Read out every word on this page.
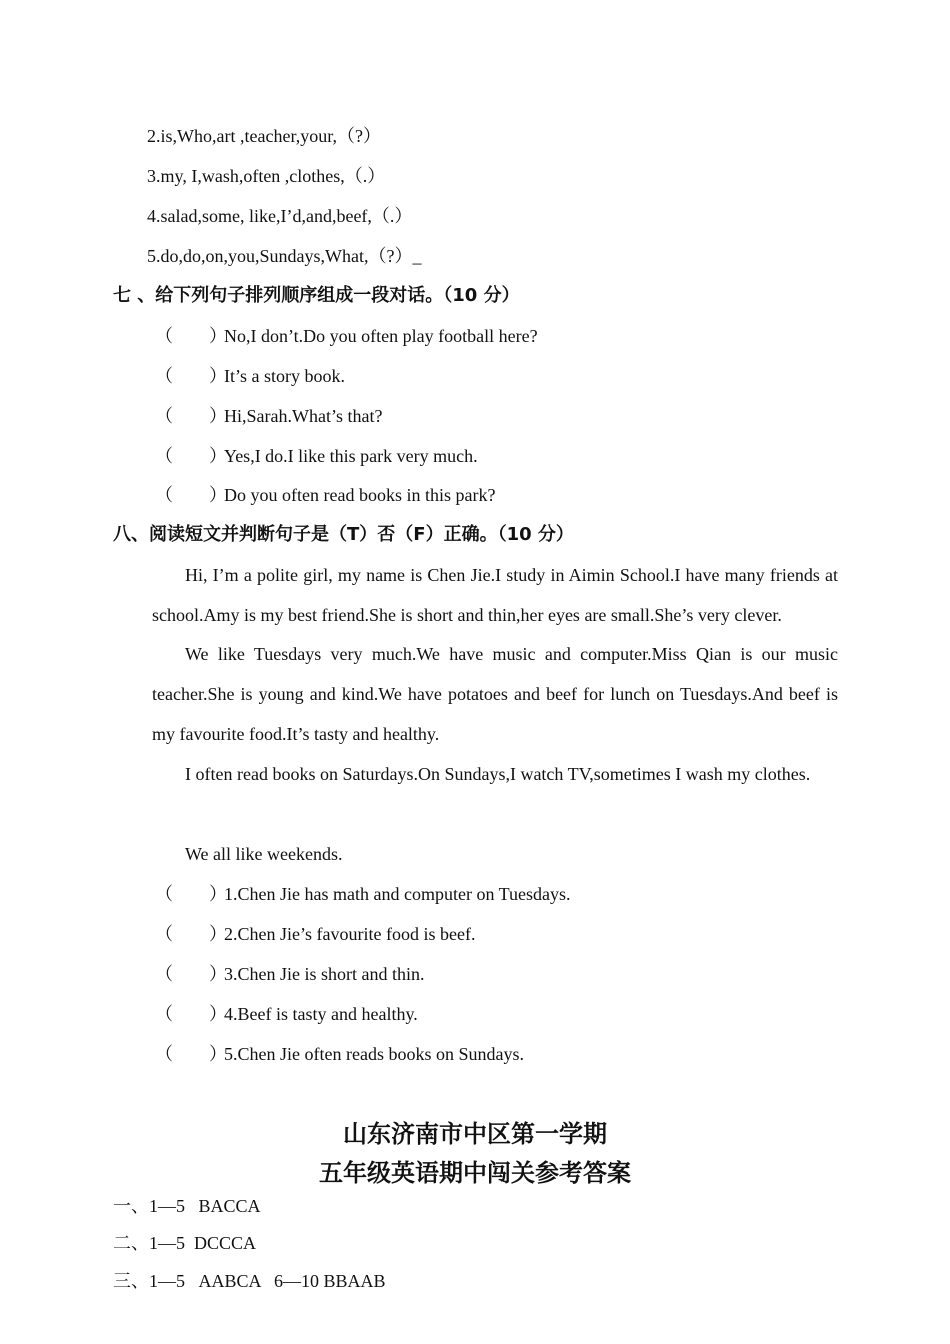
2.is,Who,art ,teacher,your,（?）
3.my, I,wash,often ,clothes,（.）
4.salad,some, like,I’d,and,beef,（.）
5.do,do,on,you,Sundays,What,（?）_
七 、给下列句子排列顺序组成一段对话。（10 分）
（　　）No,I don’t.Do you often play football here?
（　　）It’s a story book.
（　　）Hi,Sarah.What’s that?
（　　）Yes,I do.I like this park very much.
（　　）Do you often read books in this park?
八、阅读短文并判断句子是（T）否（F）正确。（10 分）
Hi, I’m a polite girl, my name is Chen Jie.I study in Aimin School.I have many friends at school.Amy is my best friend.She is short and thin,her eyes are small.She’s very clever.
We like Tuesdays very much.We have music and computer.Miss Qian is our music teacher.She is young and kind.We have potatoes and beef for lunch on Tuesdays.And beef is my favourite food.It’s tasty and healthy.
I often read books on Saturdays.On Sundays,I watch TV,sometimes I wash my clothes.
We all like weekends.
（　　）1.Chen Jie has math and computer on Tuesdays.
（　　）2.Chen Jie’s favourite food is beef.
（　　）3.Chen Jie is short and thin.
（　　）4.Beef is tasty and healthy.
（　　）5.Chen Jie often reads books on Sundays.
山东济南市中区第一学期
五年级英语期中闯关参考答案
一、1—5   BACCA
二、1—5  DCCCA
三、1—5   AABCA   6—10 BBAAB
